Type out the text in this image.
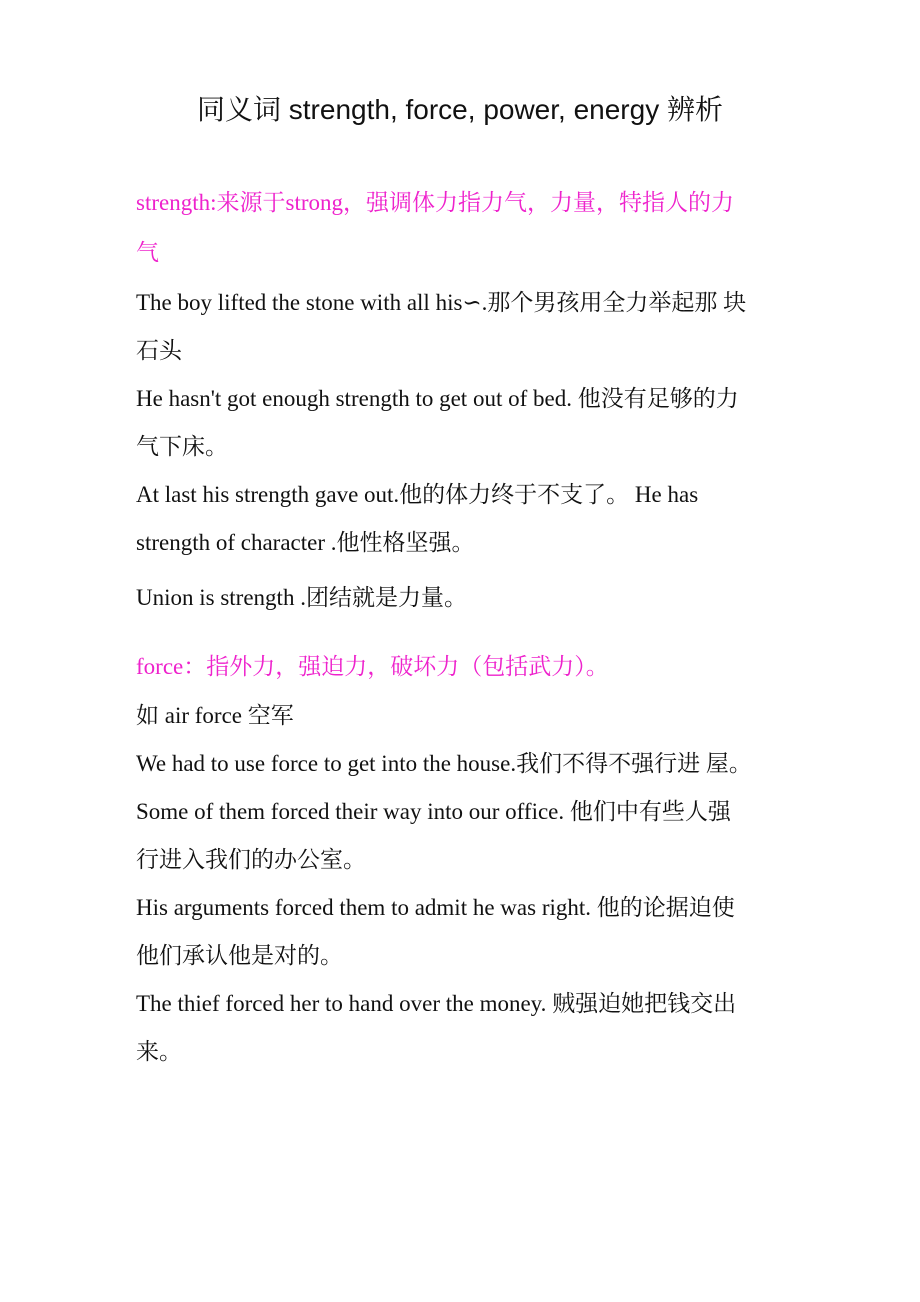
同义词 strength, force, power, energy 辨析
strength:来源于strong，强调体力指力气，力量，特指人的力
气
The boy lifted the stone with all his∽.那个男孩用全力举起那 块
石头
He hasn't got enough strength to get out of bed. 他没有足够的力
气下床。
At last his strength gave out.他的体力终于不支了。 He has
strength of character .他性格坚强。
Union is strength .团结就是力量。
force：指外力，强迫力，破坏力（包括武力）。
如 air force 空军
We had to use force to get into the house.我们不得不强行进 屋。
Some of them forced their way into our office. 他们中有些人强
行进入我们的办公室。
His arguments forced them to admit he was right. 他的论据迫使
他们承认他是对的。
The thief forced her to hand over the money. 贼强迫她把钱交出
来。
